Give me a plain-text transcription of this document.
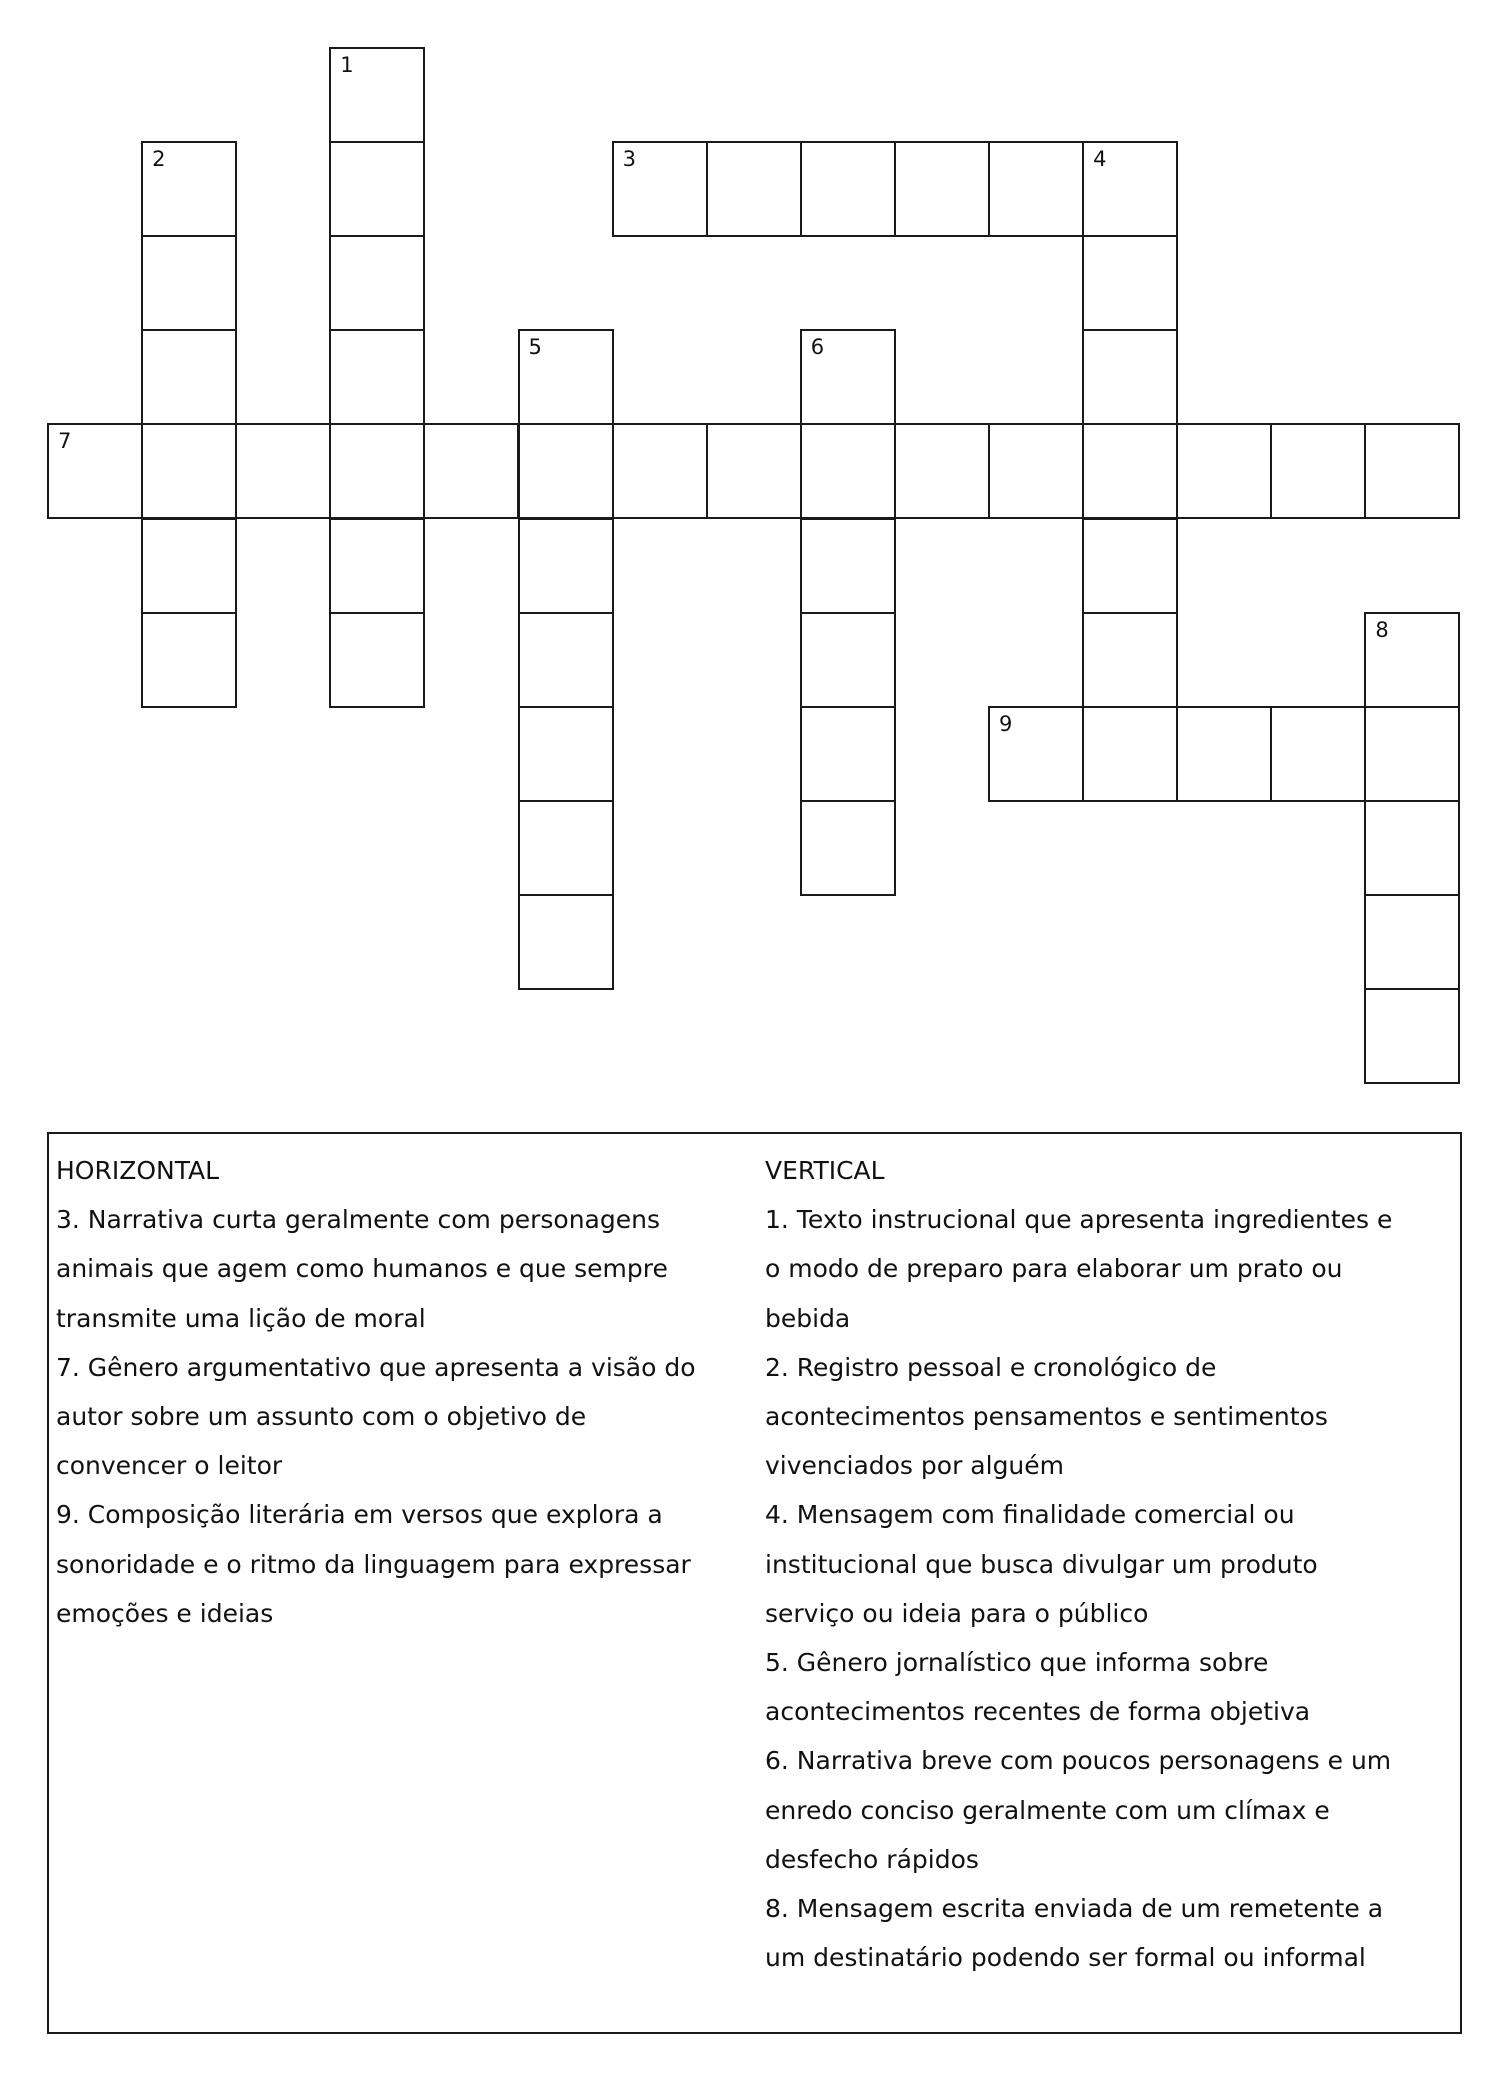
3	4
7
9
1
2
5	6
8

HORIZONTAL

3. Narrativa curta geralmente com personagens

animais que agem como humanos e que sempre

transmite uma lição de moral

7. Gênero argumentativo que apresenta a visão do

autor sobre um assunto com o objetivo de

convencer o leitor

9. Composição literária em versos que explora a

sonoridade e o ritmo da linguagem para expressar

emoções e ideias

VERTICAL

1. Texto instrucional que apresenta ingredientes e

o modo de preparo para elaborar um prato ou

bebida

2. Registro pessoal e cronológico de

acontecimentos pensamentos e sentimentos

vivenciados por alguém

4. Mensagem com finalidade comercial ou

institucional que busca divulgar um produto

serviço ou ideia para o público

5. Gênero jornalístico que informa sobre

acontecimentos recentes de forma objetiva

6. Narrativa breve com poucos personagens e um

enredo conciso geralmente com um clímax e

desfecho rápidos

8. Mensagem escrita enviada de um remetente a

um destinatário podendo ser formal ou informal
